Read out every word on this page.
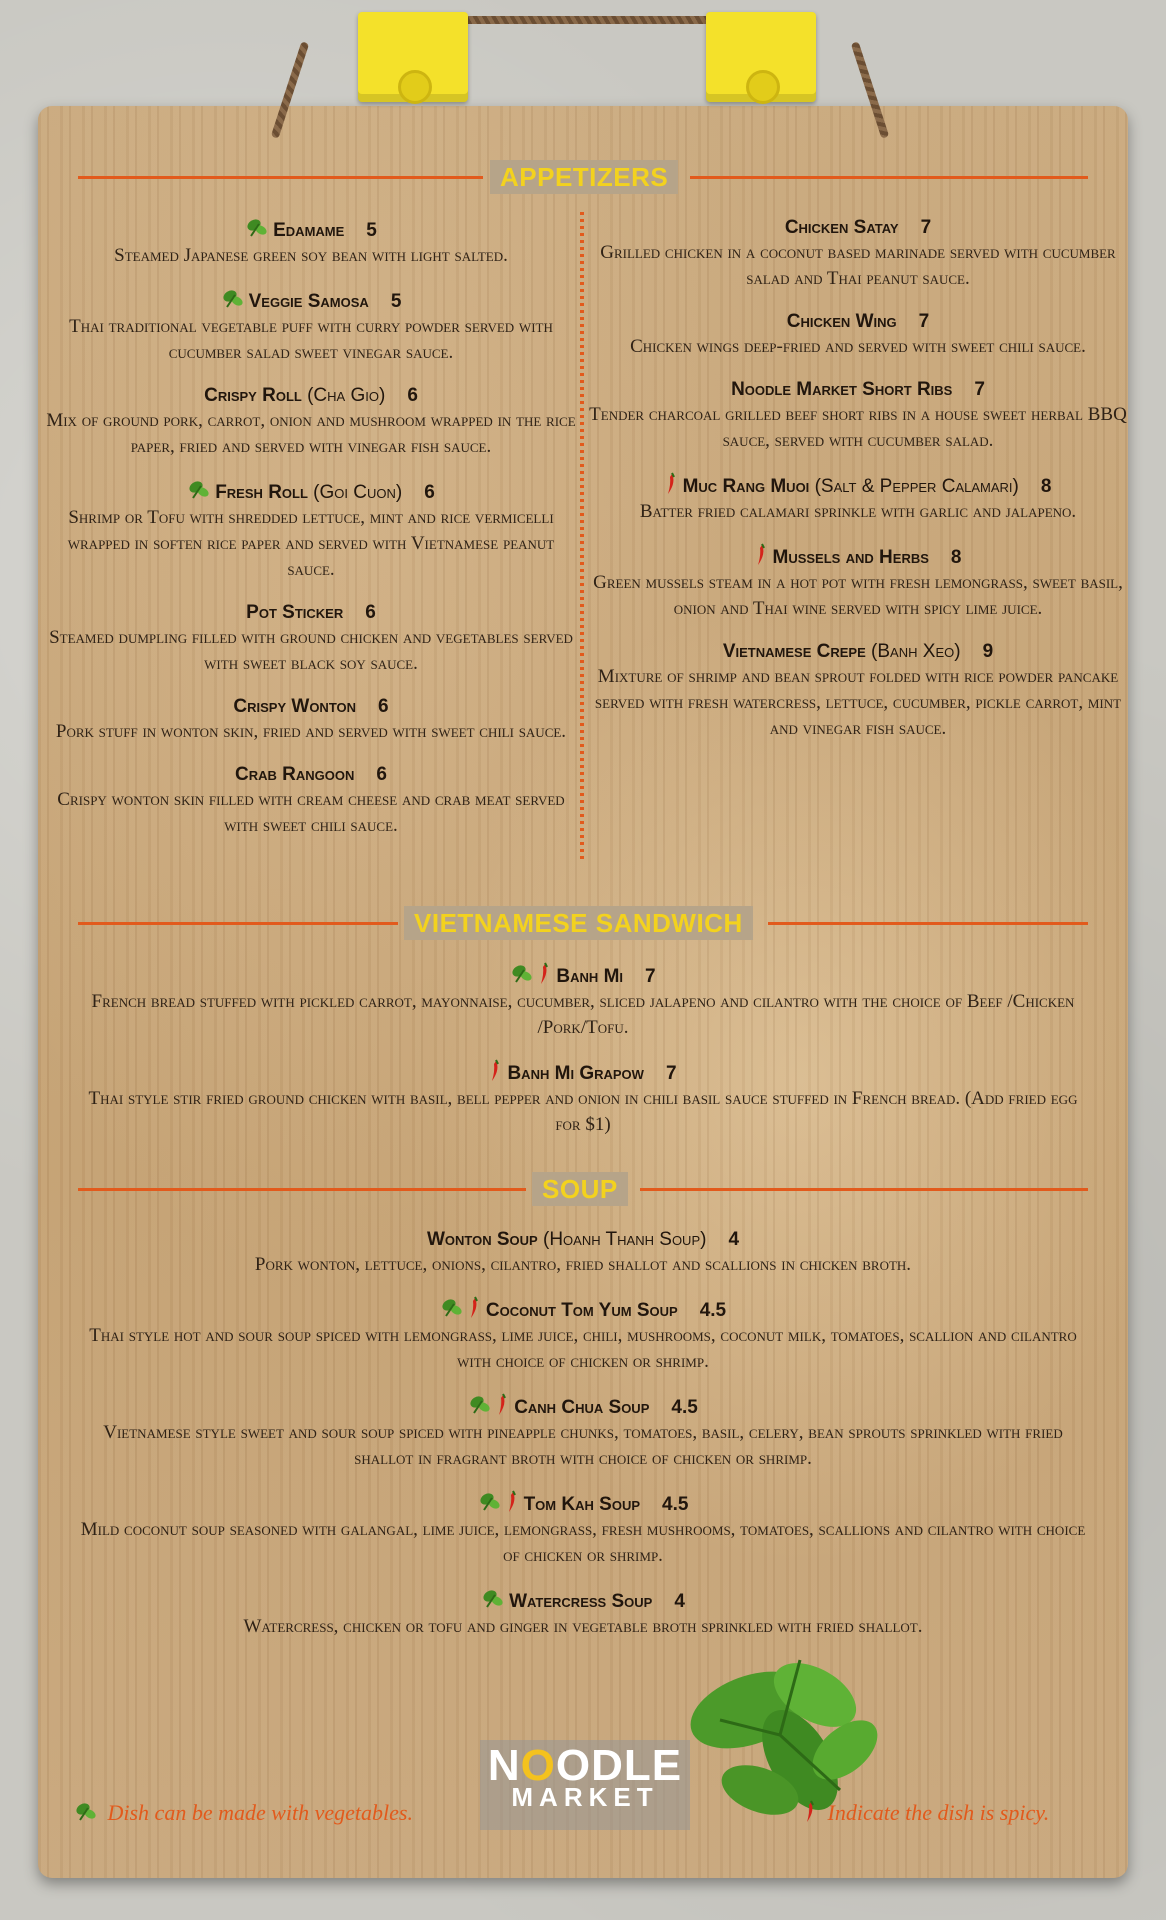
APPETIZERS
Edamame 5
Steamed Japanese green soy bean with light salted.
Veggie Samosa 5
Thai traditional vegetable puff with curry powder served with cucumber salad sweet vinegar sauce.
Crispy Roll (Cha Gio) 6
Mix of ground pork, carrot, onion and mushroom wrapped in the rice paper, fried and served with vinegar fish sauce.
Fresh Roll (Goi Cuon) 6
Shrimp or Tofu with shredded lettuce, mint and rice vermicelli wrapped in soften rice paper and served with Vietnamese peanut sauce.
Pot Sticker 6
Steamed dumpling filled with ground chicken and vegetables served with sweet black soy sauce.
Crispy Wonton 6
Pork stuff in wonton skin, fried and served with sweet chili sauce.
Crab Rangoon 6
Crispy wonton skin filled with cream cheese and crab meat served with sweet chili sauce.
Chicken Satay 7
Grilled chicken in a coconut based marinade served with cucumber salad and Thai peanut sauce.
Chicken Wing 7
Chicken wings deep-fried and served with sweet chili sauce.
Noodle Market Short Ribs 7
Tender charcoal grilled beef short ribs in a house sweet herbal BBQ sauce, served with cucumber salad.
Muc Rang Muoi (Salt & Pepper Calamari) 8
Batter fried calamari sprinkle with garlic and jalapeno.
Mussels and Herbs 8
Green mussels steam in a hot pot with fresh lemongrass, sweet basil, onion and Thai wine served with spicy lime juice.
Vietnamese Crepe (Banh Xeo) 9
Mixture of shrimp and bean sprout folded with rice powder pancake served with fresh watercress, lettuce, cucumber, pickle carrot, mint and vinegar fish sauce.
VIETNAMESE SANDWICH
Banh Mi 7
French bread stuffed with pickled carrot, mayonnaise, cucumber, sliced jalapeno and cilantro with the choice of Beef /Chicken /Pork/Tofu.
Banh Mi Grapow 7
Thai style stir fried ground chicken with basil, bell pepper and onion in chili basil sauce stuffed in French bread. (Add fried egg for $1)
SOUP
Wonton Soup (Hoanh Thanh Soup) 4
Pork wonton, lettuce, onions, cilantro, fried shallot and scallions in chicken broth.
Coconut Tom Yum Soup 4.5
Thai style hot and sour soup spiced with lemongrass, lime juice, chili, mushrooms, coconut milk, tomatoes, scallion and cilantro with choice of chicken or shrimp.
Canh Chua Soup 4.5
Vietnamese style sweet and sour soup spiced with pineapple chunks, tomatoes, basil, celery, bean sprouts sprinkled with fried shallot in fragrant broth with choice of chicken or shrimp.
Tom Kah Soup 4.5
Mild coconut soup seasoned with galangal, lime juice, lemongrass, fresh mushrooms, tomatoes, scallions and cilantro with choice of chicken or shrimp.
Watercress Soup 4
Watercress, chicken or tofu and ginger in vegetable broth sprinkled with fried shallot.
NOODLE
MARKET
Dish can be made with vegetables.	Indicate the dish is spicy.
